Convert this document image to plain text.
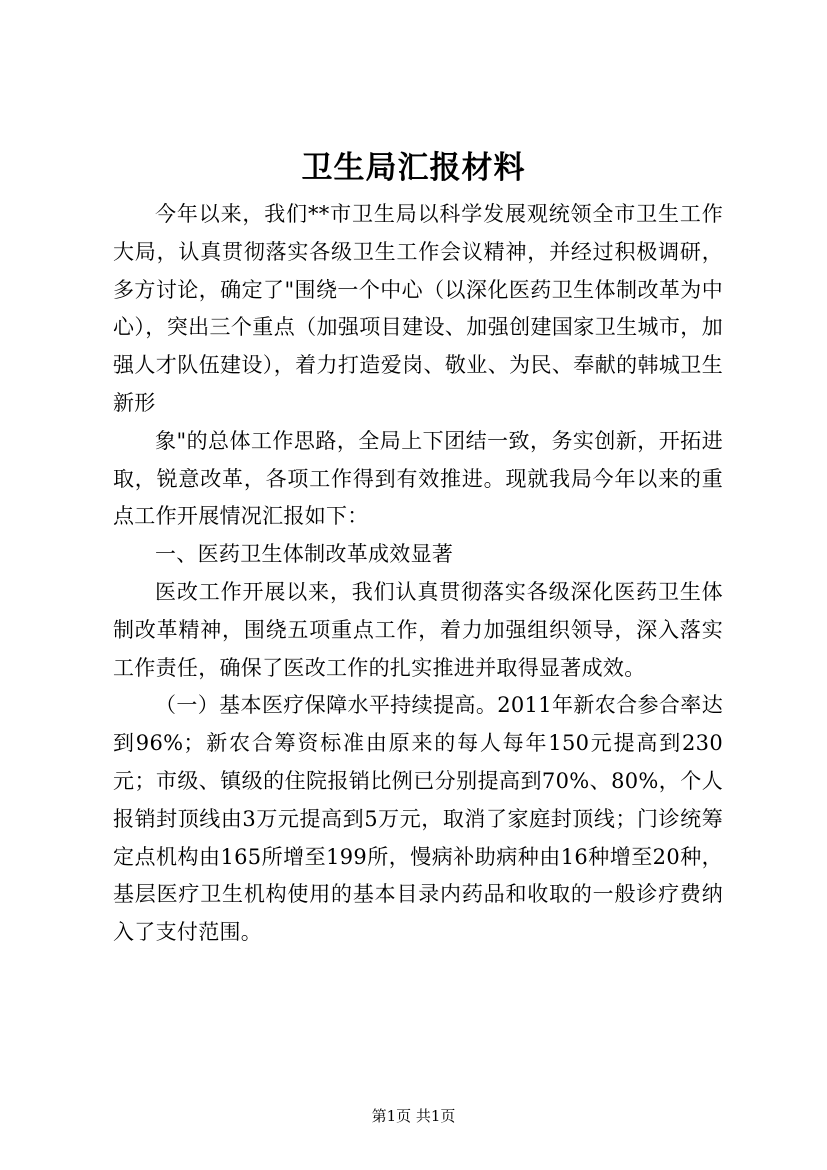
卫生局汇报材料

今年以来，我们**市卫生局以科学发展观统领全市卫生工作大局，认真贯彻落实各级卫生工作会议精神，并经过积极调研，多方讨论，确定了"围绕一个中心（以深化医药卫生体制改革为中心），突出三个重点（加强项目建设、加强创建国家卫生城市，加强人才队伍建设），着力打造爱岗、敬业、为民、奉献的韩城卫生新形

象"的总体工作思路，全局上下团结一致，务实创新，开拓进取，锐意改革，各项工作得到有效推进。现就我局今年以来的重点工作开展情况汇报如下：

一、医药卫生体制改革成效显著

医改工作开展以来，我们认真贯彻落实各级深化医药卫生体制改革精神，围绕五项重点工作，着力加强组织领导，深入落实工作责任，确保了医改工作的扎实推进并取得显著成效。

（一）基本医疗保障水平持续提高。2011年新农合参合率达到96%；新农合筹资标准由原来的每人每年150元提高到230元；市级、镇级的住院报销比例已分别提高到70%、80%，个人报销封顶线由3万元提高到5万元，取消了家庭封顶线；门诊统筹定点机构由165所增至199所，慢病补助病种由16种增至20种，基层医疗卫生机构使用的基本目录内药品和收取的一般诊疗费纳入了支付范围。

第1页 共1页
